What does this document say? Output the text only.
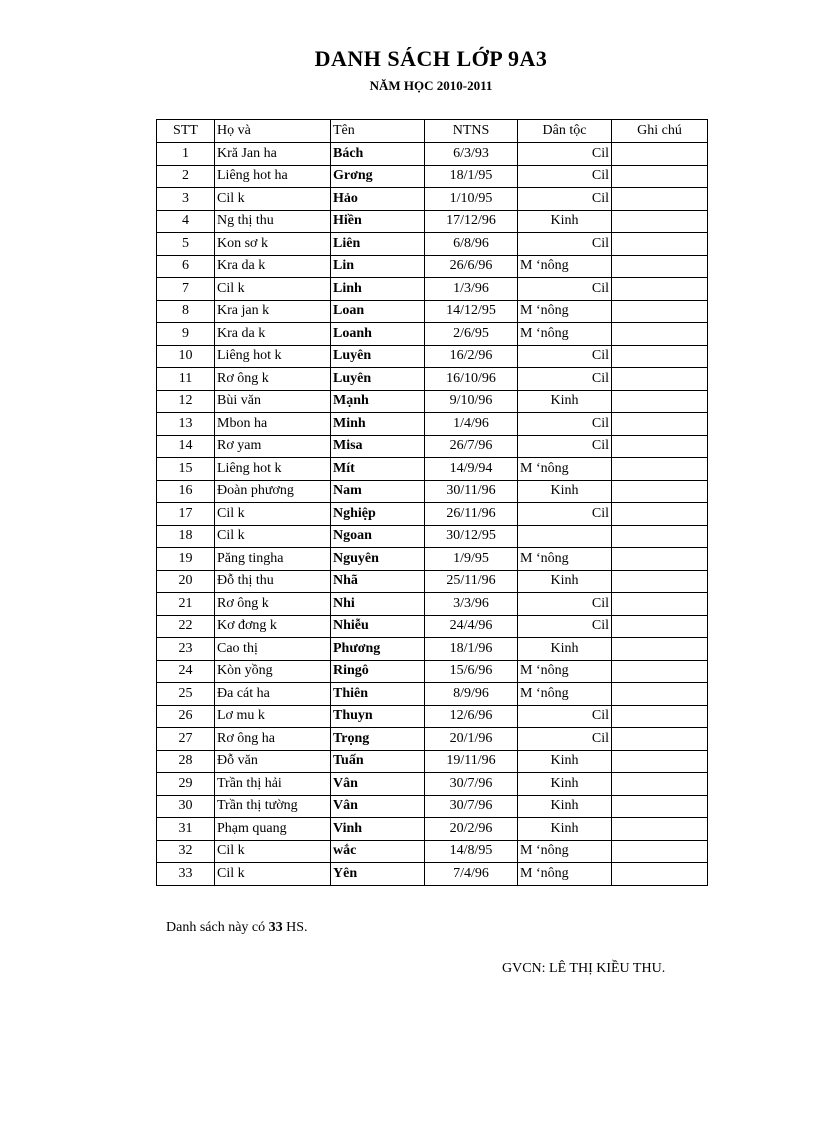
DANH SÁCH LỚP 9A3
NĂM HỌC 2010-2011
STT	Họ và	Tên	NTNS	Dân tộc	Ghi chú
1	Kră Jan ha	Bách	6/3/93	Cil	
2	Liêng hot ha	Grơng	18/1/95	Cil	
3	Cil k	Hảo	1/10/95	Cil	
4	Ng thị thu	Hiền	17/12/96	Kinh	
5	Kon sơ k	Liên	6/8/96	Cil	
6	Kra da k	Lin	26/6/96	M ‘nông	
7	Cil k	Linh	1/3/96	Cil	
8	Kra jan k	Loan	14/12/95	M ‘nông	
9	Kra da k	Loanh	2/6/95	M ‘nông	
10	Liêng hot k	Luyên	16/2/96	Cil	
11	Rơ ông k	Luyên	16/10/96	Cil	
12	Bùi văn	Mạnh	9/10/96	Kinh	
13	Mbon ha	Minh	1/4/96	Cil	
14	Rơ yam	Misa	26/7/96	Cil	
15	Liêng hot k	Mít	14/9/94	M ‘nông	
16	Đoàn phương	Nam	30/11/96	Kinh	
17	Cil k	Nghiệp	26/11/96	Cil	
18	Cil k	Ngoan	30/12/95		
19	Păng tingha	Nguyên	1/9/95	M ‘nông	
20	Đỗ thị thu	Nhã	25/11/96	Kinh	
21	Rơ ông k	Nhi	3/3/96	Cil	
22	Kơ đơng k	Nhiễu	24/4/96	Cil	
23	Cao thị	Phương	18/1/96	Kinh	
24	Kòn yồng	Ringô	15/6/96	M ‘nông	
25	Đa cát ha	Thiên	8/9/96	M ‘nông	
26	Lơ mu k	Thuyn	12/6/96	Cil	
27	Rơ ông ha	Trọng	20/1/96	Cil	
28	Đỗ văn	Tuấn	19/11/96	Kinh	
29	Trần thị hải	Vân	30/7/96	Kinh	
30	Trần thị tường	Vân	30/7/96	Kinh	
31	Phạm quang	Vinh	20/2/96	Kinh	
32	Cil k	wắc	14/8/95	M ‘nông	
33	Cil k	Yên	7/4/96	M ‘nông	
Danh sách này có 33 HS.
GVCN: LÊ THỊ KIỀU THU.
